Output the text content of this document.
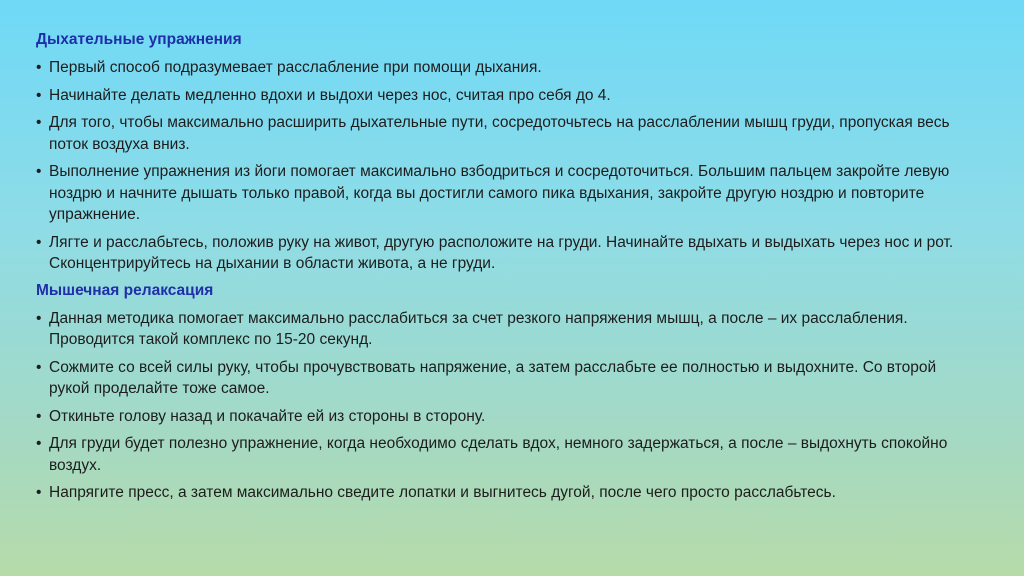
Дыхательные упражнения
• Первый способ подразумевает расслабление при помощи дыхания.
• Начинайте делать медленно вдохи и выдохи через нос, считая про себя до 4.
• Для того, чтобы максимально расширить дыхательные пути, сосредоточьтесь на расслаблении мышц груди, пропуская весь поток воздуха вниз.
• Выполнение упражнения из йоги помогает максимально взбодриться и сосредоточиться. Большим пальцем закройте левую ноздрю и начните дышать только правой, когда вы достигли самого пика вдыхания, закройте другую ноздрю и повторите упражнение.
• Лягте и расслабьтесь, положив руку на живот, другую расположите на груди. Начинайте вдыхать и выдыхать через нос и рот. Сконцентрируйтесь на дыхании в области живота, а не груди.
Мышечная релаксация
• Данная методика помогает максимально расслабиться за счет резкого напряжения мышц, а после – их расслабления. Проводится такой комплекс по 15-20 секунд.
• Сожмите со всей силы руку, чтобы прочувствовать напряжение, а затем расслабьте ее полностью и выдохните. Со второй рукой проделайте тоже самое.
• Откиньте голову назад и покачайте ей из стороны в сторону.
• Для груди будет полезно упражнение, когда необходимо сделать вдох, немного задержаться, а после – выдохнуть спокойно воздух.
• Напрягите пресс, а затем максимально сведите лопатки и выгнитесь дугой, после чего просто расслабьтесь.
